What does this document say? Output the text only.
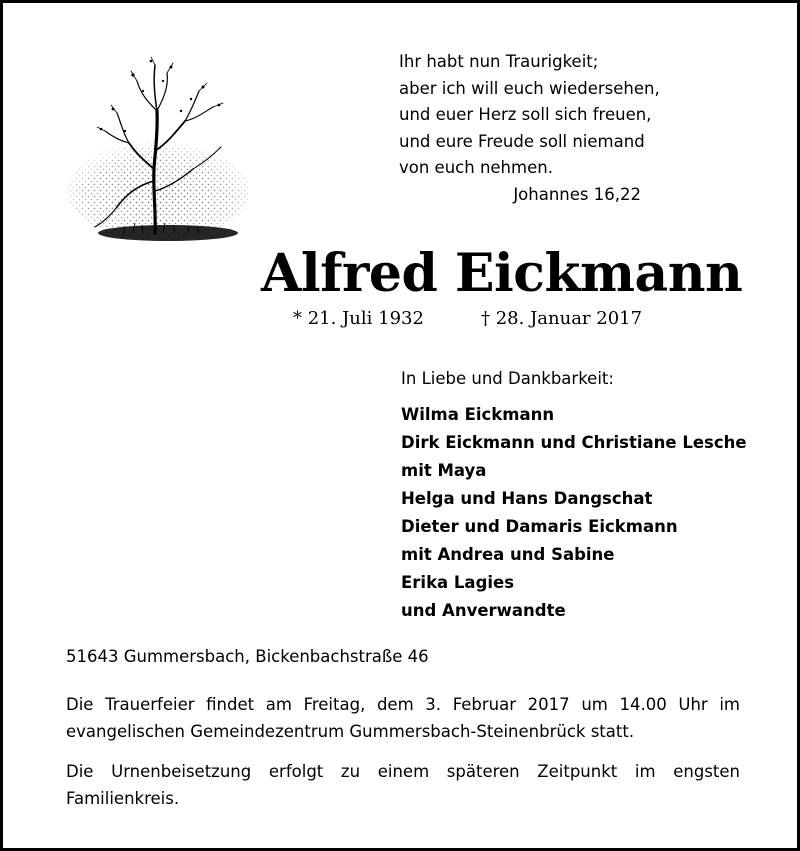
Ihr habt nun Traurigkeit;
aber ich will euch wiedersehen,
und euer Herz soll sich freuen,
und eure Freude soll niemand
von euch nehmen.
Johannes 16,22
Alfred Eickmann
* 21. Juli 1932	† 28. Januar 2017
In Liebe und Dankbarkeit:
Wilma Eickmann
Dirk Eickmann und Christiane Lesche
mit Maya
Helga und Hans Dangschat
Dieter und Damaris Eickmann
mit Andrea und Sabine
Erika Lagies
und Anverwandte
51643 Gummersbach, Bickenbachstraße 46

Die Trauerfeier findet am Freitag, dem 3. Februar 2017 um 14.00 Uhr im evangelischen Gemeindezentrum Gummersbach-Steinenbrück statt.

Die Urnenbeisetzung erfolgt zu einem späteren Zeitpunkt im engsten Familienkreis.
